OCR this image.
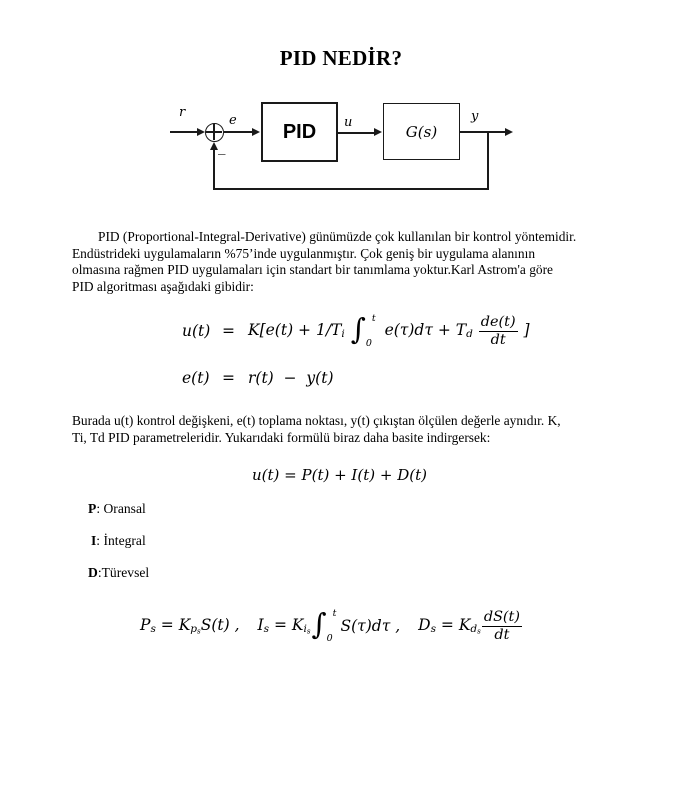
PID NEDİR?
r
e PID u	G(s)
y
_
PID (Proportional-Integral-Derivative) günümüzde çok kullanılan bir kontrol yöntemidir.
Endüstrideki uygulamaların %75’inde uygulanmıştır. Çok geniş bir uygulama alanının
olmasına rağmen PID uygulamaları için standart bir tanımlama yoktur.Karl Astrom'a göre
PID algoritması aşağıdaki gibidir:
u(t) = K[e(t) + 1/Ti ∫ t
0
e(τ)dτ + Td $\frac{de(t)}{dt}$ ]
e(t) = r(t)  −  y(t)
Burada u(t) kontrol değişkeni, e(t) toplama noktası, y(t) çıkıştan ölçülen değerle aynıdır. K,
Ti, Td PID parametreleridir. Yukarıdaki formülü biraz daha basite indirgersek:
u(t) = P(t) + I(t) + D(t)
P: Oransal
I: İntegral
D:Türevsel
Ps = KpsS(t) , Is = Kis ∫ t
0
S(τ)dτ , Ds = Kds $\frac{dS(t)}{dt}$
